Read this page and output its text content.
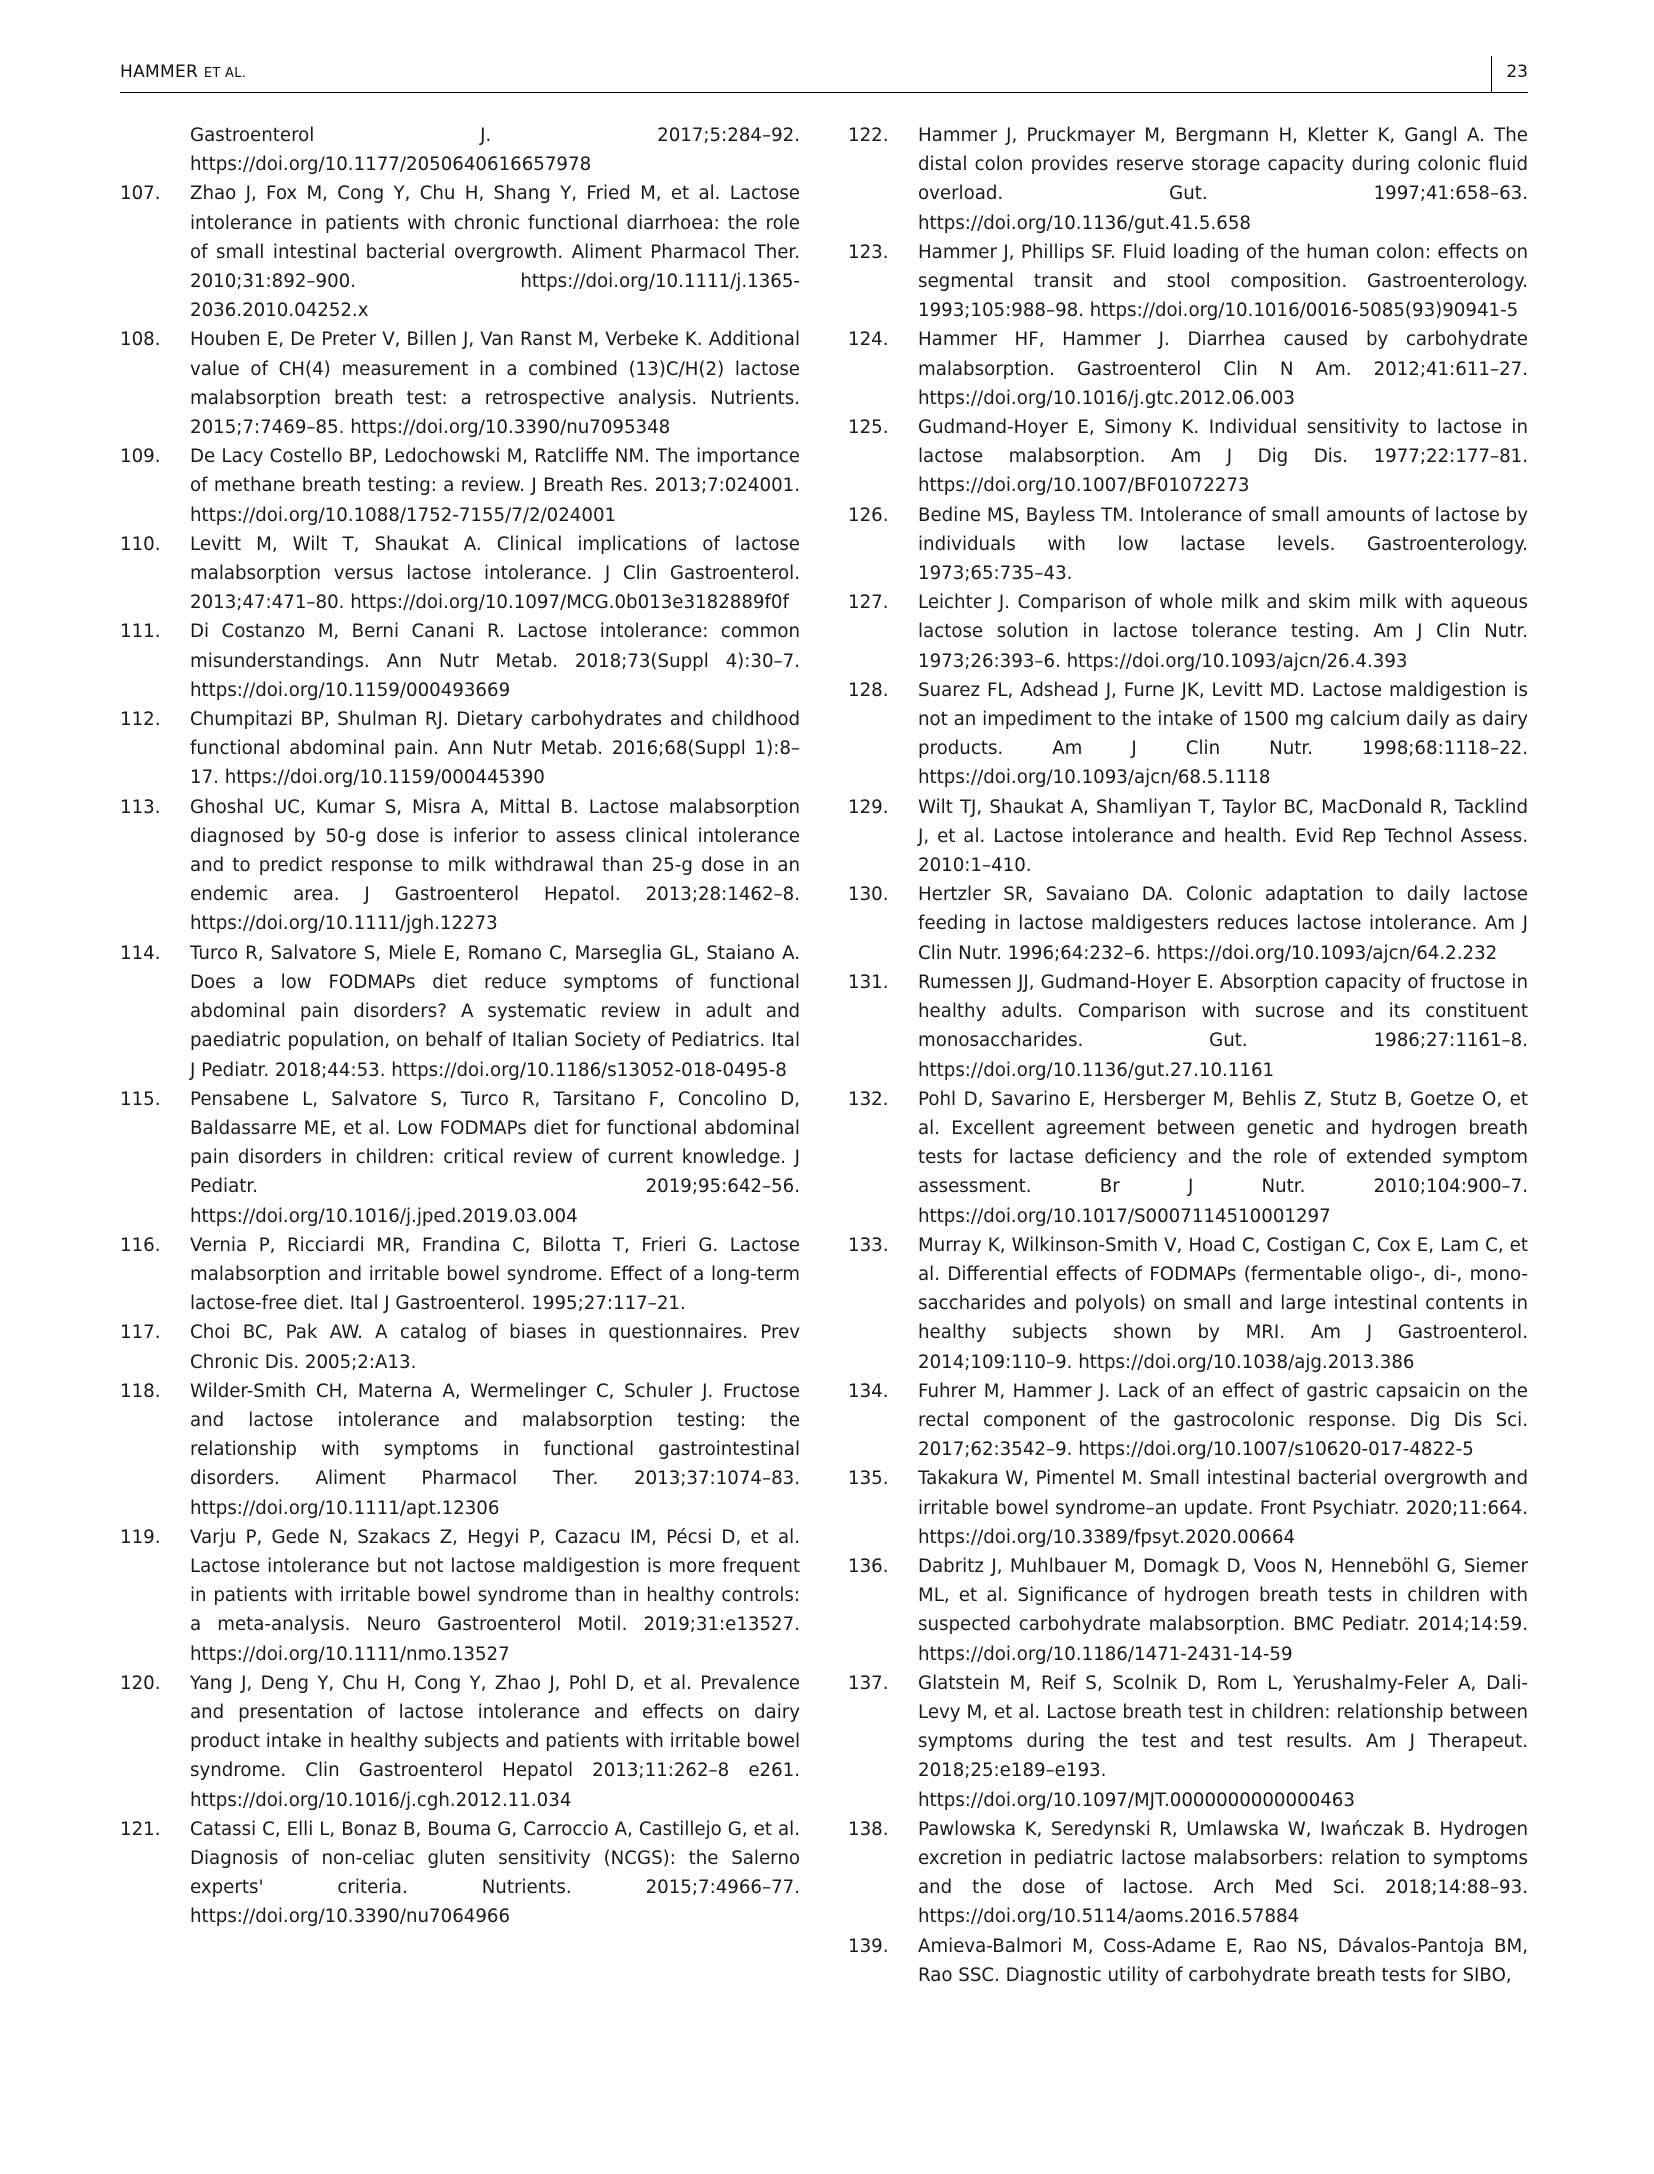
HAMMER ET AL.	23
Gastroenterol J. 2017;5:284–92. https://doi.org/10.1177/2050640616657978
107. Zhao J, Fox M, Cong Y, Chu H, Shang Y, Fried M, et al. Lactose intolerance in patients with chronic functional diarrhoea: the role of small intestinal bacterial overgrowth. Aliment Pharmacol Ther. 2010;31:892–900. https://doi.org/10.1111/j.1365-2036.2010.04252.x
108. Houben E, De Preter V, Billen J, Van Ranst M, Verbeke K. Additional value of CH(4) measurement in a combined (13)C/H(2) lactose malabsorption breath test: a retrospective analysis. Nutrients. 2015;7:7469–85. https://doi.org/10.3390/nu7095348
109. De Lacy Costello BP, Ledochowski M, Ratcliffe NM. The importance of methane breath testing: a review. J Breath Res. 2013;7:024001. https://doi.org/10.1088/1752-7155/7/2/024001
110. Levitt M, Wilt T, Shaukat A. Clinical implications of lactose malabsorption versus lactose intolerance. J Clin Gastroenterol. 2013;47:471–80. https://doi.org/10.1097/MCG.0b013e3182889f0f
111. Di Costanzo M, Berni Canani R. Lactose intolerance: common misunderstandings. Ann Nutr Metab. 2018;73(Suppl 4):30–7. https://doi.org/10.1159/000493669
112. Chumpitazi BP, Shulman RJ. Dietary carbohydrates and childhood functional abdominal pain. Ann Nutr Metab. 2016;68(Suppl 1):8–17. https://doi.org/10.1159/000445390
113. Ghoshal UC, Kumar S, Misra A, Mittal B. Lactose malabsorption diagnosed by 50-g dose is inferior to assess clinical intolerance and to predict response to milk withdrawal than 25-g dose in an endemic area. J Gastroenterol Hepatol. 2013;28:1462–8. https://doi.org/10.1111/jgh.12273
114. Turco R, Salvatore S, Miele E, Romano C, Marseglia GL, Staiano A. Does a low FODMAPs diet reduce symptoms of functional abdominal pain disorders? A systematic review in adult and paediatric population, on behalf of Italian Society of Pediatrics. Ital J Pediatr. 2018;44:53. https://doi.org/10.1186/s13052-018-0495-8
115. Pensabene L, Salvatore S, Turco R, Tarsitano F, Concolino D, Baldassarre ME, et al. Low FODMAPs diet for functional abdominal pain disorders in children: critical review of current knowledge. J Pediatr. 2019;95:642–56. https://doi.org/10.1016/j.jped.2019.03.004
116. Vernia P, Ricciardi MR, Frandina C, Bilotta T, Frieri G. Lactose malabsorption and irritable bowel syndrome. Effect of a long-term lactose-free diet. Ital J Gastroenterol. 1995;27:117–21.
117. Choi BC, Pak AW. A catalog of biases in questionnaires. Prev Chronic Dis. 2005;2:A13.
118. Wilder-Smith CH, Materna A, Wermelinger C, Schuler J. Fructose and lactose intolerance and malabsorption testing: the relationship with symptoms in functional gastrointestinal disorders. Aliment Pharmacol Ther. 2013;37:1074–83. https://doi.org/10.1111/apt.12306
119. Varju P, Gede N, Szakacs Z, Hegyi P, Cazacu IM, Pécsi D, et al. Lactose intolerance but not lactose maldigestion is more frequent in patients with irritable bowel syndrome than in healthy controls: a meta-analysis. Neuro Gastroenterol Motil. 2019;31:e13527. https://doi.org/10.1111/nmo.13527
120. Yang J, Deng Y, Chu H, Cong Y, Zhao J, Pohl D, et al. Prevalence and presentation of lactose intolerance and effects on dairy product intake in healthy subjects and patients with irritable bowel syndrome. Clin Gastroenterol Hepatol 2013;11:262–8 e261. https://doi.org/10.1016/j.cgh.2012.11.034
121. Catassi C, Elli L, Bonaz B, Bouma G, Carroccio A, Castillejo G, et al. Diagnosis of non-celiac gluten sensitivity (NCGS): the Salerno experts' criteria. Nutrients. 2015;7:4966–77. https://doi.org/10.3390/nu7064966
122. Hammer J, Pruckmayer M, Bergmann H, Kletter K, Gangl A. The distal colon provides reserve storage capacity during colonic fluid overload. Gut. 1997;41:658–63. https://doi.org/10.1136/gut.41.5.658
123. Hammer J, Phillips SF. Fluid loading of the human colon: effects on segmental transit and stool composition. Gastroenterology. 1993;105:988–98. https://doi.org/10.1016/0016-5085(93)90941-5
124. Hammer HF, Hammer J. Diarrhea caused by carbohydrate malabsorption. Gastroenterol Clin N Am. 2012;41:611–27. https://doi.org/10.1016/j.gtc.2012.06.003
125. Gudmand-Hoyer E, Simony K. Individual sensitivity to lactose in lactose malabsorption. Am J Dig Dis. 1977;22:177–81. https://doi.org/10.1007/BF01072273
126. Bedine MS, Bayless TM. Intolerance of small amounts of lactose by individuals with low lactase levels. Gastroenterology. 1973;65:735–43.
127. Leichter J. Comparison of whole milk and skim milk with aqueous lactose solution in lactose tolerance testing. Am J Clin Nutr. 1973;26:393–6. https://doi.org/10.1093/ajcn/26.4.393
128. Suarez FL, Adshead J, Furne JK, Levitt MD. Lactose maldigestion is not an impediment to the intake of 1500 mg calcium daily as dairy products. Am J Clin Nutr. 1998;68:1118–22. https://doi.org/10.1093/ajcn/68.5.1118
129. Wilt TJ, Shaukat A, Shamliyan T, Taylor BC, MacDonald R, Tacklind J, et al. Lactose intolerance and health. Evid Rep Technol Assess. 2010:1–410.
130. Hertzler SR, Savaiano DA. Colonic adaptation to daily lactose feeding in lactose maldigesters reduces lactose intolerance. Am J Clin Nutr. 1996;64:232–6. https://doi.org/10.1093/ajcn/64.2.232
131. Rumessen JJ, Gudmand-Hoyer E. Absorption capacity of fructose in healthy adults. Comparison with sucrose and its constituent monosaccharides. Gut. 1986;27:1161–8. https://doi.org/10.1136/gut.27.10.1161
132. Pohl D, Savarino E, Hersberger M, Behlis Z, Stutz B, Goetze O, et al. Excellent agreement between genetic and hydrogen breath tests for lactase deficiency and the role of extended symptom assessment. Br J Nutr. 2010;104:900–7. https://doi.org/10.1017/S0007114510001297
133. Murray K, Wilkinson-Smith V, Hoad C, Costigan C, Cox E, Lam C, et al. Differential effects of FODMAPs (fermentable oligo-, di-, mono-saccharides and polyols) on small and large intestinal contents in healthy subjects shown by MRI. Am J Gastroenterol. 2014;109:110–9. https://doi.org/10.1038/ajg.2013.386
134. Fuhrer M, Hammer J. Lack of an effect of gastric capsaicin on the rectal component of the gastrocolonic response. Dig Dis Sci. 2017;62:3542–9. https://doi.org/10.1007/s10620-017-4822-5
135. Takakura W, Pimentel M. Small intestinal bacterial overgrowth and irritable bowel syndrome–an update. Front Psychiatr. 2020;11:664. https://doi.org/10.3389/fpsyt.2020.00664
136. Dabritz J, Muhlbauer M, Domagk D, Voos N, Henneböhl G, Siemer ML, et al. Significance of hydrogen breath tests in children with suspected carbohydrate malabsorption. BMC Pediatr. 2014;14:59. https://doi.org/10.1186/1471-2431-14-59
137. Glatstein M, Reif S, Scolnik D, Rom L, Yerushalmy-Feler A, Dali-Levy M, et al. Lactose breath test in children: relationship between symptoms during the test and test results. Am J Therapeut. 2018;25:e189–e193. https://doi.org/10.1097/MJT.0000000000000463
138. Pawlowska K, Seredynski R, Umlawska W, Iwańczak B. Hydrogen excretion in pediatric lactose malabsorbers: relation to symptoms and the dose of lactose. Arch Med Sci. 2018;14:88–93. https://doi.org/10.5114/aoms.2016.57884
139. Amieva-Balmori M, Coss-Adame E, Rao NS, Dávalos-Pantoja BM, Rao SSC. Diagnostic utility of carbohydrate breath tests for SIBO,
